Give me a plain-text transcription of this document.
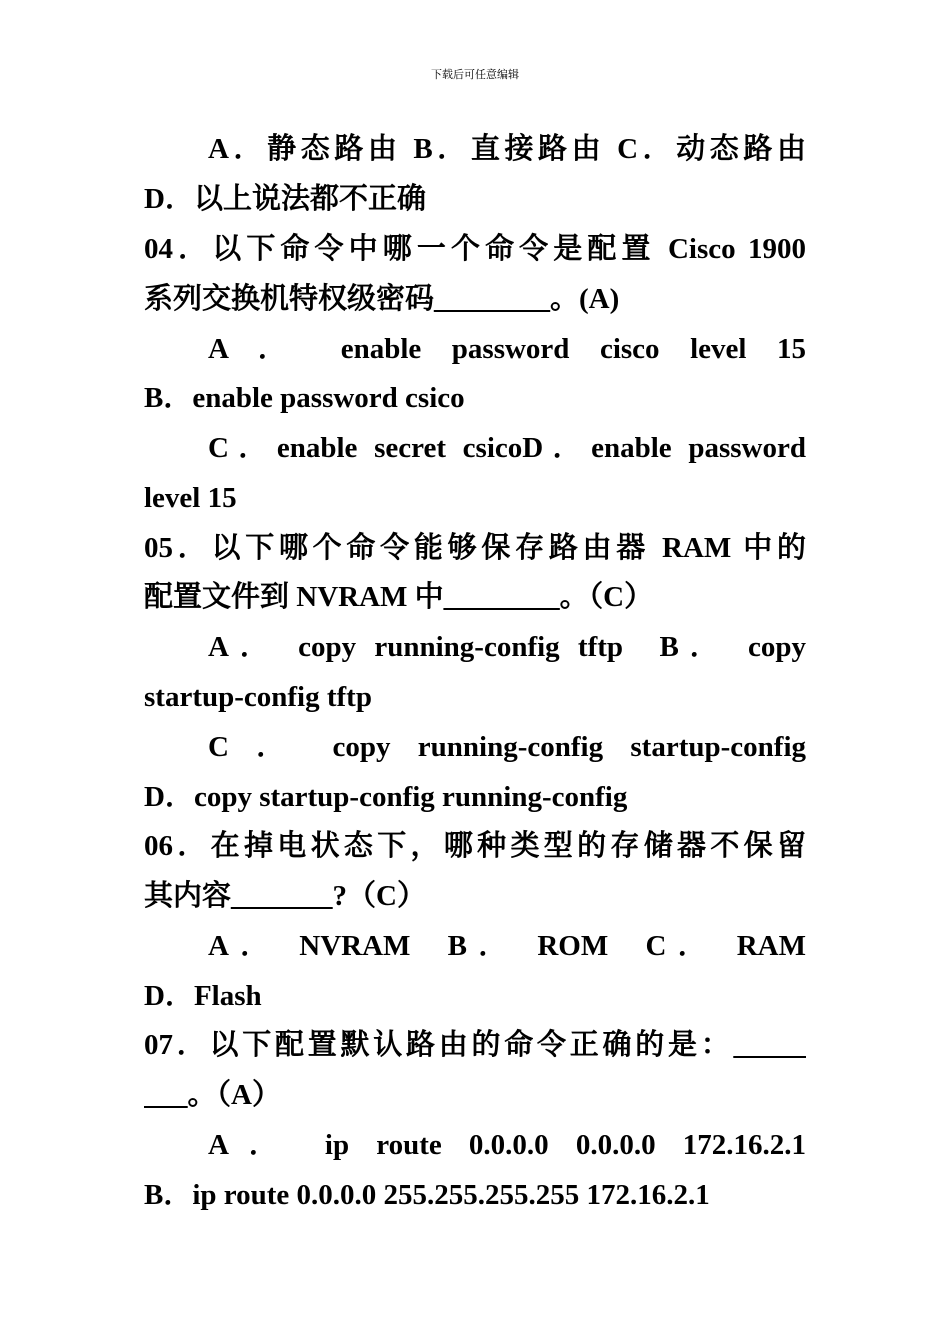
下载后可任意编辑
A．静态路由 B．直接路由 C．动态路由
D．以上说法都不正确
04．以下命令中哪一个命令是配置 Cisco 1900
系列交换机特权级密码________。(A)
A ． enable password cisco level 15
B．enable password csico
C．enable secret csicoD．enable password
level 15
05．以下哪个命令能够保存路由器 RAM 中的
配置文件到 NVRAM 中________。（C）
A． copy running-config tftp  B． copy
startup-config tftp
C ． copy running-config startup-config
D．copy startup-config running-config
06．在掉电状态下，哪种类型的存储器不保留
其内容_______?（C）
A． NVRAM  B． ROM  C． RAM
D．Flash
07．以下配置默认路由的命令正确的是：_____
___。（A）
A． ip route 0.0.0.0 0.0.0.0 172.16.2.1
B．ip route 0.0.0.0 255.255.255.255 172.16.2.1
